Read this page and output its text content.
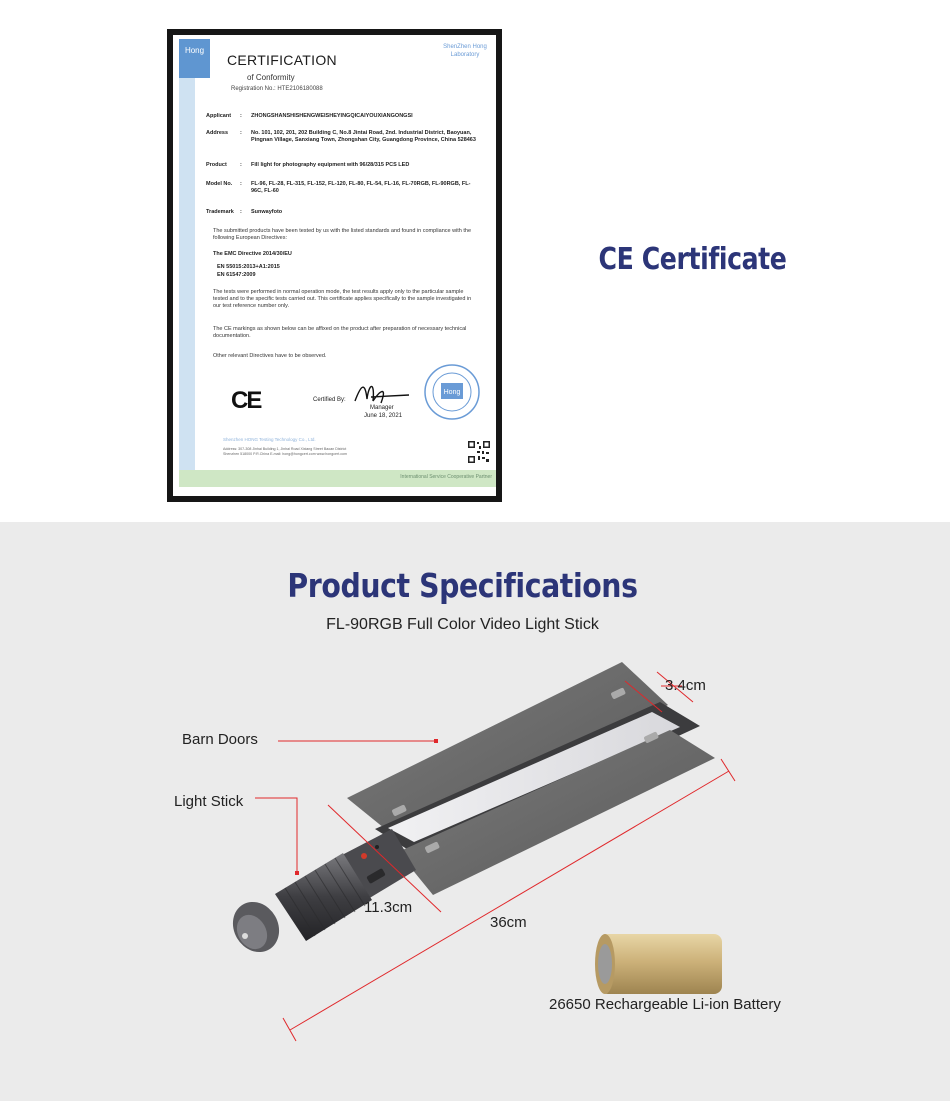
International Service Cooperative Partner
Hong
CERTIFICATION
of Conformity
Registration No.: HTE2106180088
ShenZhen Hong Laboratory
Applicant	:	ZHONGSHANSHISHENGWEISHEYINGQICAIYOUXIANGONGSI
Address	:	No. 101, 102, 201, 202 Building C, No.8 Jintai Road, 2nd. Industrial District, Baoyuan, Pingnan Village, Sanxiang Town, Zhongshan City, Guangdong Province, China 528463
Product	:	Fill light for photography equipment with 96/28/315 PCS LED
Model No.	:	FL-96, FL-28, FL-315, FL-152, FL-120, FL-80, FL-54, FL-16, FL-70RGB, FL-90RGB, FL-96C, FL-60
Trademark	:	Sunwayfoto
The submitted products have been tested by us with the listed standards and found in compliance with the following European Directives:
The EMC Directive 2014/30/EU
EN 55015:2013+A1:2015
EN 61547:2009
The tests were performed in normal operation mode, the test results apply only to the particular sample tested and to the specific tests carried out. This certificate applies specifically to the sample investigated in our test reference number only.
The CE markings as shown below can be affixed on the product after preparation of necessary technical documentation.
Other relevant Directives have to be observed.
CE	Certified By:
Manager
June 18, 2021
Hong
Shenzhen HONG Testing Technology Co., Ltd.
Address: 307-308 Jinhai Building 1, Jinhai Road Xixiang Street Baoan District Shenzhen 518000 P.R.China E-mail: hong@hongcert.com www.hongcert.com
CE Certificate
Product Specifications
FL-90RGB Full Color Video Light Stick
Barn Doors
Light Stick
3.4cm
11.3cm
36cm
26650 Rechargeable Li-ion Battery
